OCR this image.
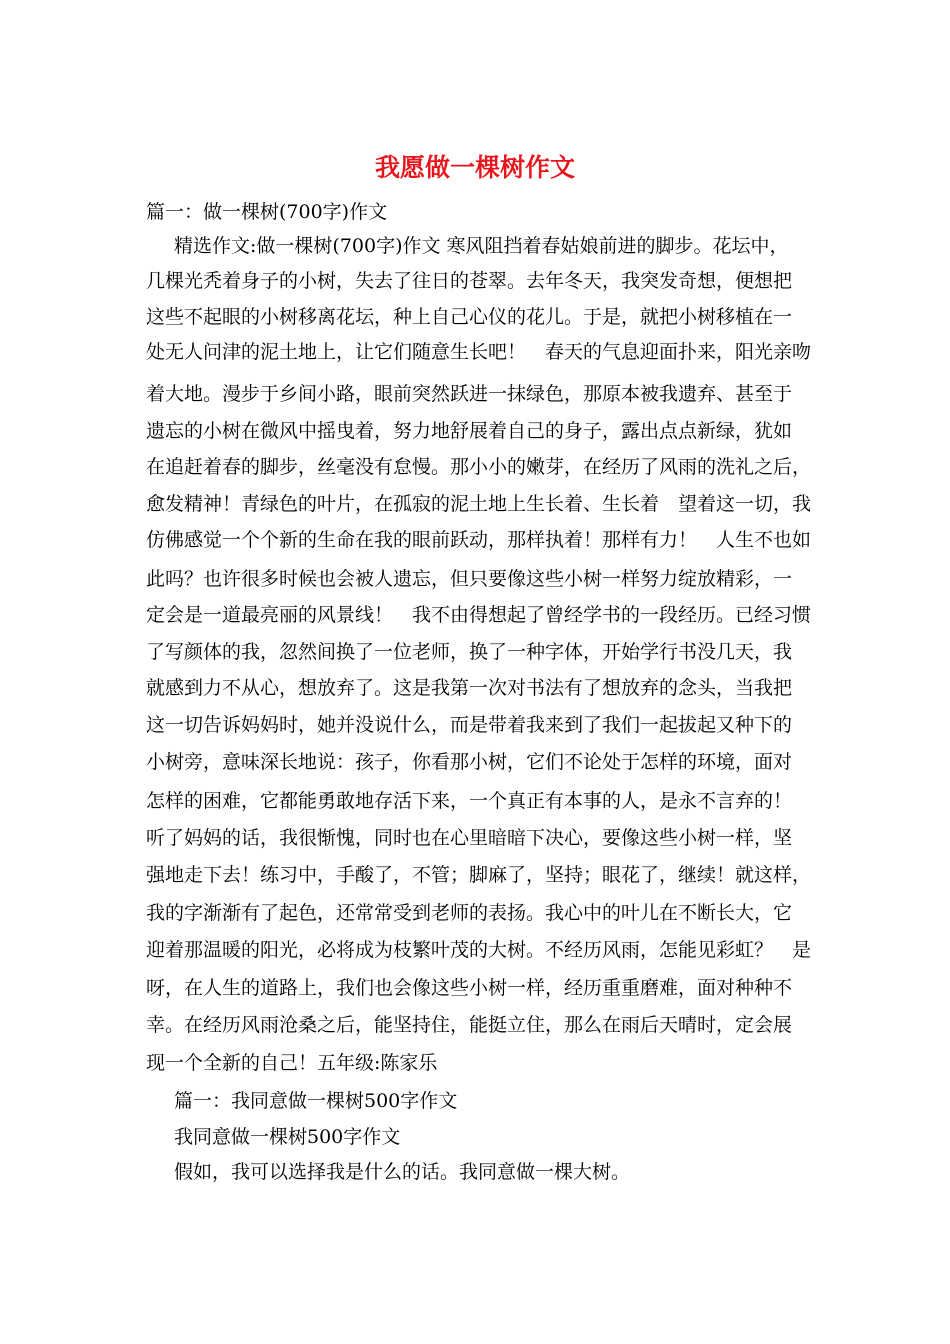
我愿做一棵树作文

篇一：做一棵树(700字)作文

精选作文:做一棵树(700字)作文 寒风阻挡着春姑娘前进的脚步。花坛中，

几棵光秃着身子的小树，失去了往日的苍翠。去年冬天，我突发奇想，便想把

这些不起眼的小树移离花坛，种上自己心仪的花儿。于是，就把小树移植在一

处无人问津的泥土地上，让它们随意生长吧！　春天的气息迎面扑来，阳光亲吻

着大地。漫步于乡间小路，眼前突然跃进一抹绿色，那原本被我遗弃、甚至于

遗忘的小树在微风中摇曳着，努力地舒展着自己的身子，露出点点新绿，犹如

在追赶着春的脚步，丝毫没有怠慢。那小小的嫩芽，在经历了风雨的洗礼之后，

愈发精神！青绿色的叶片，在孤寂的泥土地上生长着、生长着　望着这一切，我

仿佛感觉一个个新的生命在我的眼前跃动，那样执着！那样有力！　人生不也如

此吗？也许很多时候也会被人遗忘，但只要像这些小树一样努力绽放精彩，一

定会是一道最亮丽的风景线！　我不由得想起了曾经学书的一段经历。已经习惯

了写颜体的我，忽然间换了一位老师，换了一种字体，开始学行书没几天，我

就感到力不从心，想放弃了。这是我第一次对书法有了想放弃的念头，当我把

这一切告诉妈妈时，她并没说什么，而是带着我来到了我们一起拔起又种下的

小树旁，意味深长地说：孩子，你看那小树，它们不论处于怎样的环境，面对

怎样的困难，它都能勇敢地存活下来，一个真正有本事的人，是永不言弃的！

听了妈妈的话，我很惭愧，同时也在心里暗暗下决心，要像这些小树一样，坚

强地走下去！练习中，手酸了，不管；脚麻了，坚持；眼花了，继续！就这样，

我的字渐渐有了起色，还常常受到老师的表扬。我心中的叶儿在不断长大，它

迎着那温暖的阳光，必将成为枝繁叶茂的大树。不经历风雨，怎能见彩虹？　是

呀，在人生的道路上，我们也会像这些小树一样，经历重重磨难，面对种种不

幸。在经历风雨沧桑之后，能坚持住，能挺立住，那么在雨后天晴时，定会展

现一个全新的自己！五年级:陈家乐

篇一：我同意做一棵树500字作文

我同意做一棵树500字作文

假如，我可以选择我是什么的话。我同意做一棵大树。
